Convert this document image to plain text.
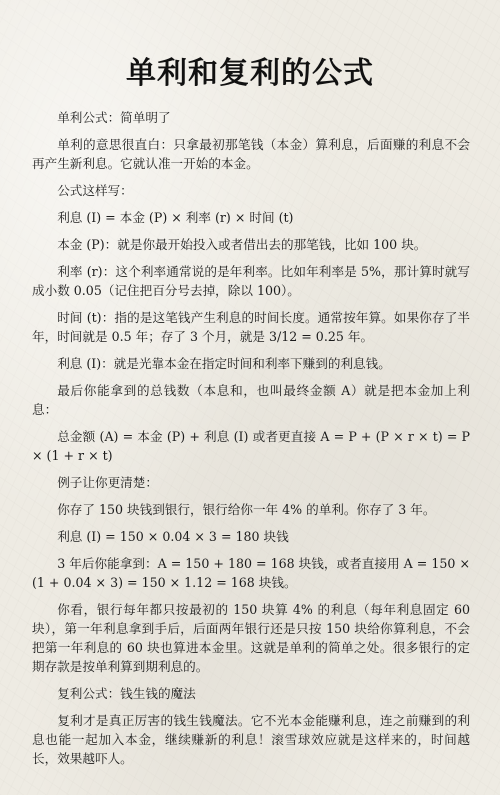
单利和复利的公式

单利公式：简单明了

单利的意思很直白：只拿最初那笔钱（本金）算利息，后面赚的利息不会再产生新利息。它就认准一开始的本金。

公式这样写：

利息 (I) = 本金 (P) × 利率 (r) × 时间 (t)

本金 (P)：就是你最开始投入或者借出去的那笔钱，比如 100 块。

利率 (r)：这个利率通常说的是年利率。比如年利率是 5%，那计算时就写成小数 0.05（记住把百分号去掉，除以 100）。

时间 (t)：指的是这笔钱产生利息的时间长度。通常按年算。如果你存了半年，时间就是 0.5 年；存了 3 个月，就是 3/12 = 0.25 年。

利息 (I)：就是光靠本金在指定时间和利率下赚到的利息钱。

最后你能拿到的总钱数（本息和，也叫最终金额 A）就是把本金加上利息：

总金额 (A) = 本金 (P) + 利息 (I) 或者更直接 A = P + (P × r × t) = P × (1 + r × t)

例子让你更清楚：

你存了 150 块钱到银行，银行给你一年 4% 的单利。你存了 3 年。

利息 (I) = 150 × 0.04 × 3 = 180 块钱

3 年后你能拿到：A = 150 + 180 = 168 块钱，或者直接用 A = 150 × (1 + 0.04 × 3) = 150 × 1.12 = 168 块钱。

你看，银行每年都只按最初的 150 块算 4% 的利息（每年利息固定 60 块），第一年利息拿到手后，后面两年银行还是只按 150 块给你算利息，不会把第一年利息的 60 块也算进本金里。这就是单利的简单之处。很多银行的定期存款是按单利算到期利息的。

复利公式：钱生钱的魔法

复利才是真正厉害的钱生钱魔法。它不光本金能赚利息，连之前赚到的利息也能一起加入本金，继续赚新的利息！滚雪球效应就是这样来的，时间越长，效果越吓人。
